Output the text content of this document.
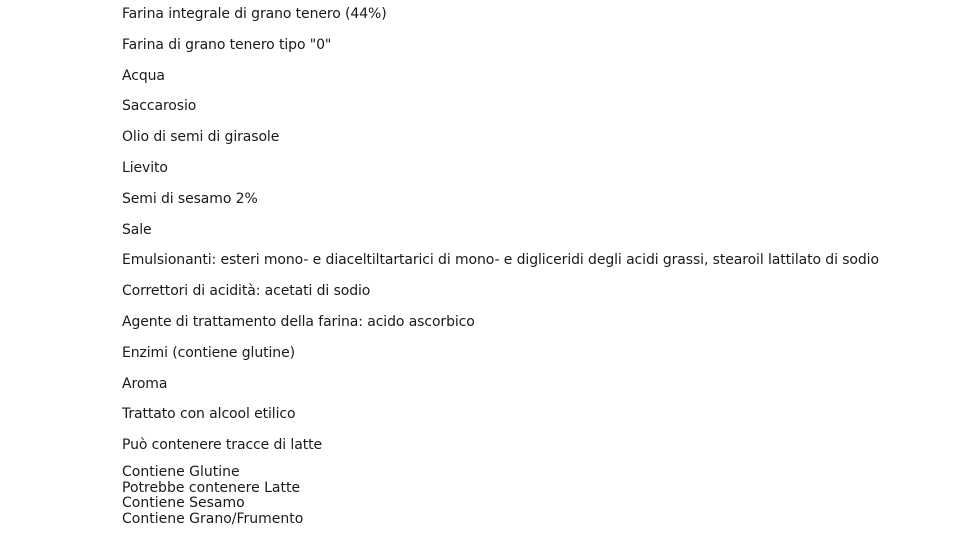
Farina integrale di grano tenero (44%)
Farina di grano tenero tipo "0"
Acqua
Saccarosio
Olio di semi di girasole
Lievito
Semi di sesamo 2%
Sale
Emulsionanti: esteri mono- e diaceltiltartarici di mono- e digliceridi degli acidi grassi, stearoil lattilato di sodio
Correttori di acidità: acetati di sodio
Agente di trattamento della farina: acido ascorbico
Enzimi (contiene glutine)
Aroma
Trattato con alcool etilico
Può contenere tracce di latte
Contiene Glutine
Potrebbe contenere Latte
Contiene Sesamo
Contiene Grano/Frumento
